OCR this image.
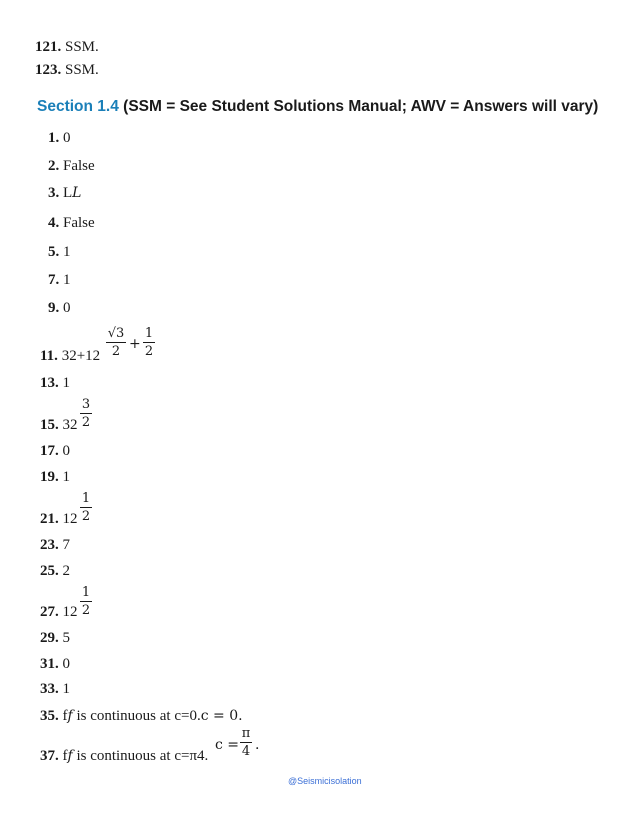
121. SSM.
123. SSM.
Section 1.4 (SSM = See Student Solutions Manual; AWV = Answers will vary)
1. 0
2. False
3. LL
4. False
5. 1
7. 1
9. 0
11. 32+12
√3
2 +
1
2
13. 1
15. 32
3
2
17. 0
19. 1
21. 12
1
2
23. 7
25. 2
27. 12
1
2
29. 5
31. 0
33. 1
35. ff is continuous at c=0.c = 0.
37. ff is continuous at c=π4.
c =
π
4 .
@Seismicisolation
